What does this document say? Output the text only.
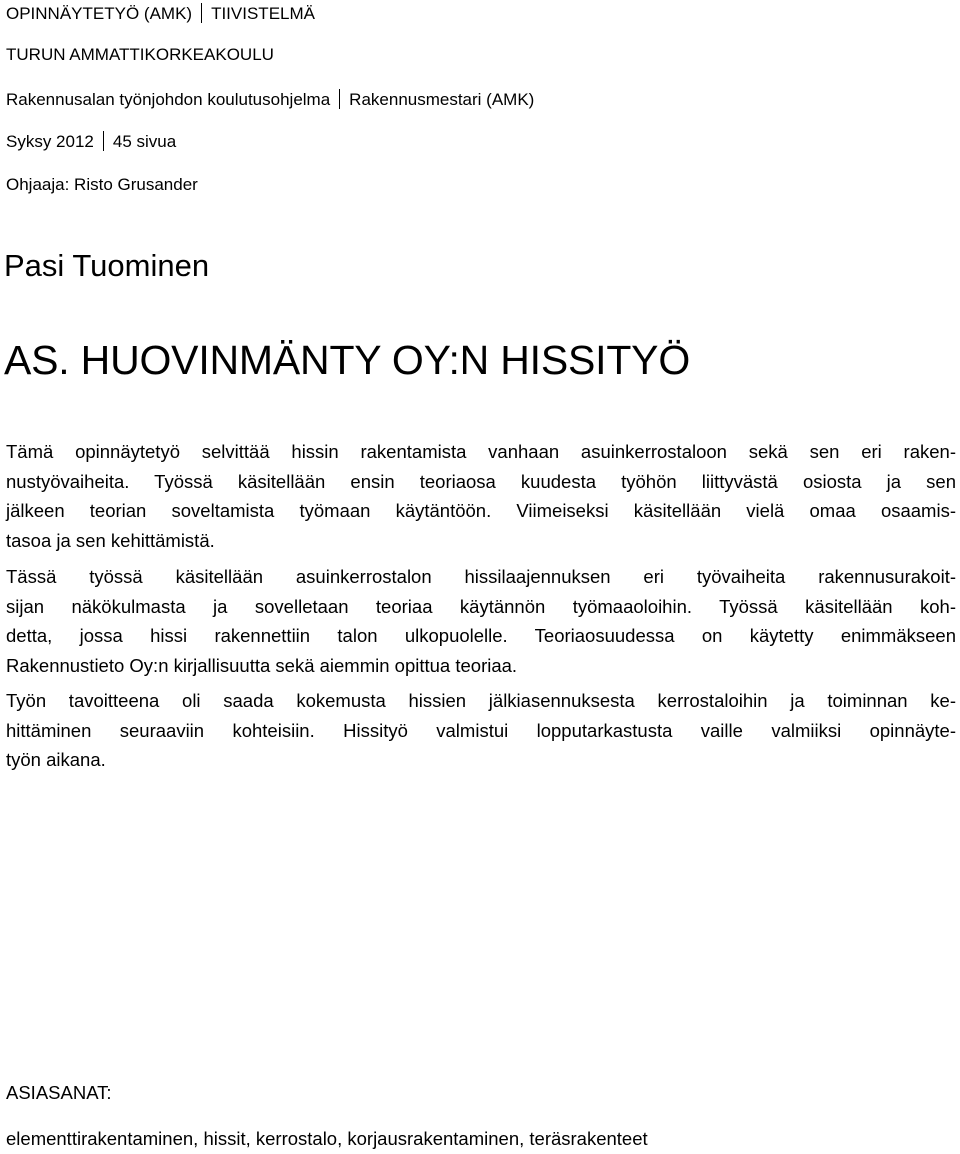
OPINNÄYTETYÖ (AMK) TIIVISTELMÄ
TURUN AMMATTIKORKEAKOULU
Rakennusalan työnjohdon koulutusohjelma Rakennusmestari (AMK)
Syksy 2012 45 sivua
Ohjaaja: Risto Grusander
Pasi Tuominen
AS. HUOVINMÄNTY OY:N HISSITYÖ
Tämä opinnäytetyö selvittää hissin rakentamista vanhaan asuinkerrostaloon sekä sen eri raken-
nustyövaiheita. Työssä käsitellään ensin teoriaosa kuudesta työhön liittyvästä osiosta ja sen
jälkeen teorian soveltamista työmaan käytäntöön. Viimeiseksi käsitellään vielä omaa osaamis-
tasoa ja sen kehittämistä.
Tässä työssä käsitellään asuinkerrostalon hissilaajennuksen eri työvaiheita rakennusurakoit-
sijan näkökulmasta ja sovelletaan teoriaa käytännön työmaaoloihin. Työssä käsitellään koh-
detta, jossa hissi rakennettiin talon ulkopuolelle. Teoriaosuudessa on käytetty enimmäkseen
Rakennustieto Oy:n kirjallisuutta sekä aiemmin opittua teoriaa.
Työn tavoitteena oli saada kokemusta hissien jälkiasennuksesta kerrostaloihin ja toiminnan ke-
hittäminen seuraaviin kohteisiin. Hissityö valmistui lopputarkastusta vaille valmiiksi opinnäyte-
työn aikana.
ASIASANAT:
elementtirakentaminen, hissit, kerrostalo, korjausrakentaminen, teräsrakenteet
